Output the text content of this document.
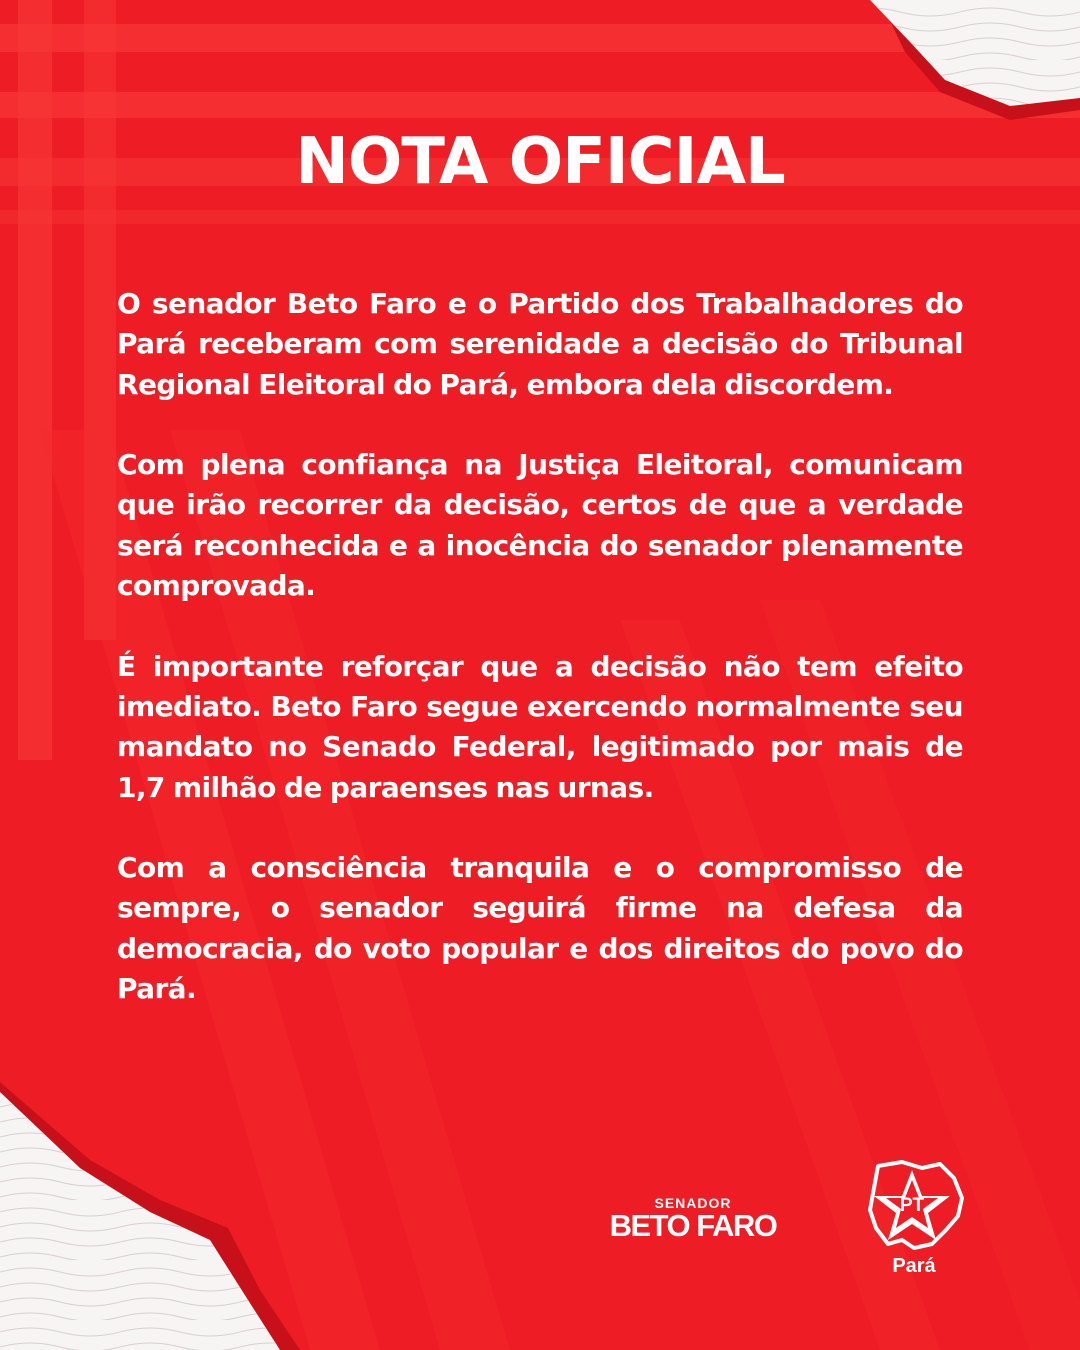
NOTA OFICIAL

O senador Beto Faro e o Partido dos Trabalhadores do Pará receberam com serenidade a decisão do Tribunal Regional Eleitoral do Pará, embora dela discordem.

Com plena confiança na Justiça Eleitoral, comunicam que irão recorrer da decisão, certos de que a verdade será reconhecida e a inocência do senador plenamente comprovada.

É importante reforçar que a decisão não tem efeito imediato. Beto Faro segue exercendo normalmente seu mandato no Senado Federal, legitimado por mais de 1,7 milhão de paraenses nas urnas.

Com a consciência tranquila e o compromisso de sempre, o senador seguirá firme na defesa da democracia, do voto popular e dos direitos do povo do Pará.

SENADOR
BETO FARO
PT
Pará
